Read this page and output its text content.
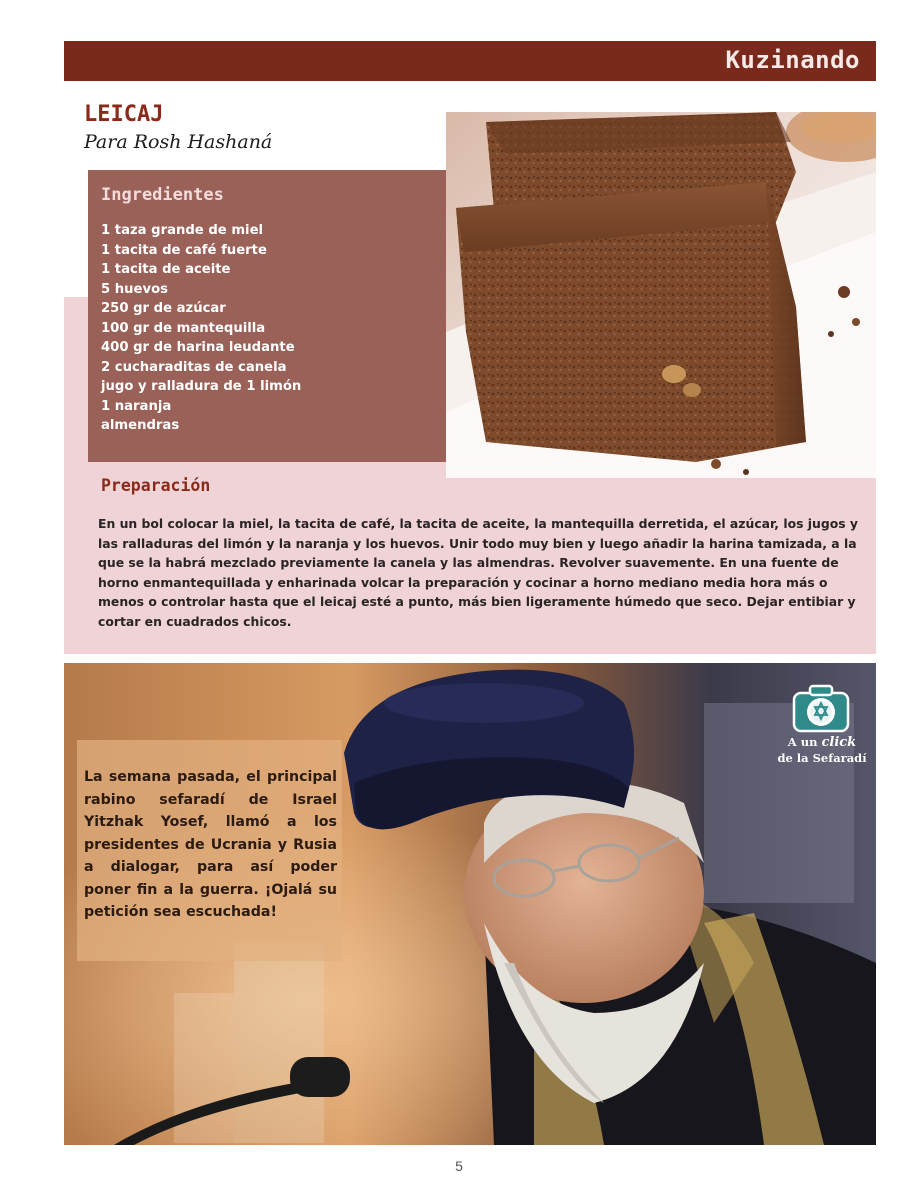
Kuzinando
LEICAJ
Para Rosh Hashaná
Ingredientes
1 taza grande de miel
1 tacita de café fuerte
1 tacita de aceite
5 huevos
250 gr de azúcar
100 gr de mantequilla
400 gr de harina leudante
2 cucharaditas de canela
jugo y ralladura de 1 limón
1 naranja
almendras
Preparación

En un bol colocar la miel, la tacita de café, la tacita de aceite, la mantequilla derretida, el azúcar, los jugos y las ralladuras del limón y la naranja y los huevos. Unir todo muy bien y luego añadir la harina tamizada, a la que se la habrá mezclado previamente la canela y las almendras. Revolver suavemente. En una fuente de horno enmantequillada y enharinada volcar la preparación y cocinar a horno mediano media hora más o menos o controlar hasta que el leicaj esté a punto, más bien ligeramente húmedo que seco. Dejar entibiar y cortar en cuadrados chicos.

La semana pasada, el principal rabino sefaradí de Israel Yitzhak Yosef, llamó a los presidentes de Ucrania y Rusia a dialogar, para así poder poner fin a la guerra. ¡Ojalá su petición sea escuchada!

A un click
de la Sefaradí
5
